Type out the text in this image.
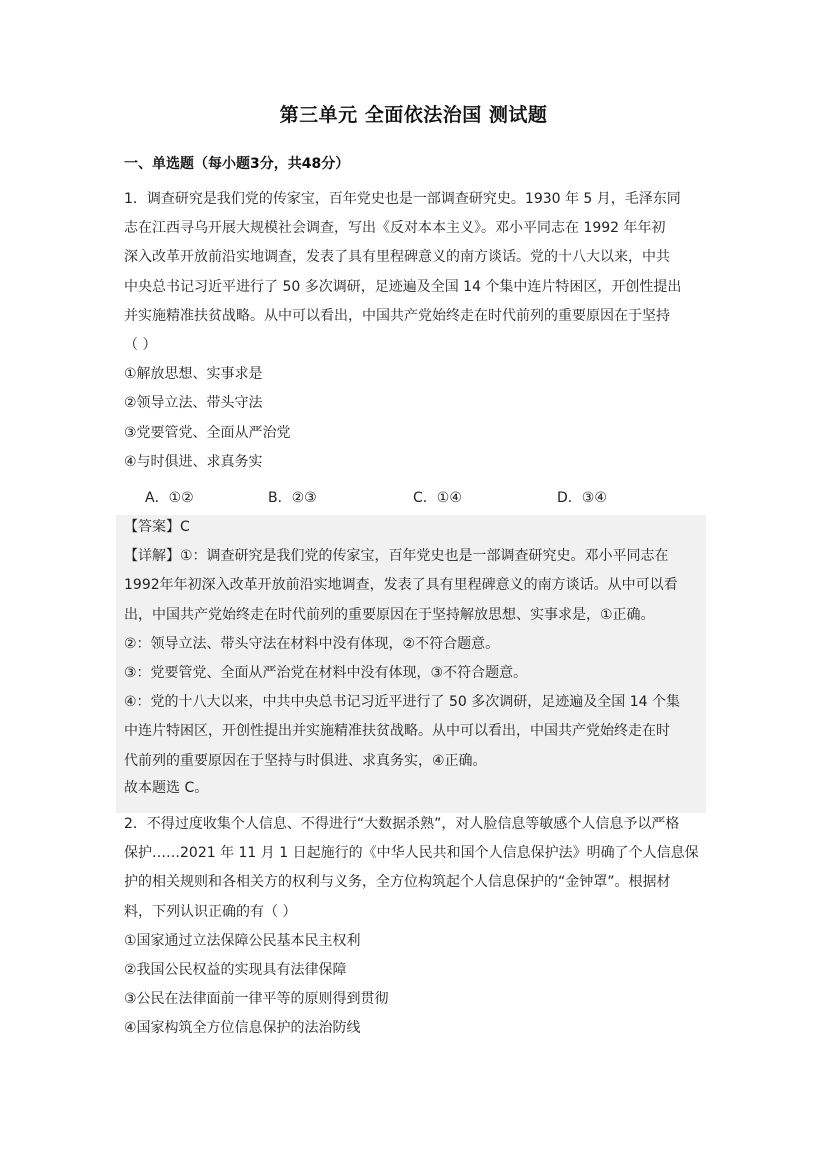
第三单元 全面依法治国 测试题
一、单选题（每小题3分，共48分）
1．调查研究是我们党的传家宝，百年党史也是一部调查研究史。1930 年 5 月，毛泽东同
志在江西寻乌开展大规模社会调查，写出《反对本本主义》。邓小平同志在 1992 年年初
深入改革开放前沿实地调查，发表了具有里程碑意义的南方谈话。党的十八大以来，中共
中央总书记习近平进行了 50 多次调研，足迹遍及全国 14 个集中连片特困区，开创性提出
并实施精准扶贫战略。从中可以看出，中国共产党始终走在时代前列的重要原因在于坚持
（ ）
①解放思想、实事求是
②领导立法、带头守法
③党要管党、全面从严治党
④与时俱进、求真务实
A．①②	B．②③	C．①④	D．③④
【答案】C
【详解】①：调查研究是我们党的传家宝，百年党史也是一部调查研究史。邓小平同志在
1992年年初深入改革开放前沿实地调查，发表了具有里程碑意义的南方谈话。从中可以看
出，中国共产党始终走在时代前列的重要原因在于坚持解放思想、实事求是，①正确。
②：领导立法、带头守法在材料中没有体现，②不符合题意。
③：党要管党、全面从严治党在材料中没有体现，③不符合题意。
④：党的十八大以来，中共中央总书记习近平进行了 50 多次调研，足迹遍及全国 14 个集
中连片特困区，开创性提出并实施精准扶贫战略。从中可以看出，中国共产党始终走在时
代前列的重要原因在于坚持与时俱进、求真务实，④正确。
故本题选 C。
2．不得过度收集个人信息、不得进行“大数据杀熟”，对人脸信息等敏感个人信息予以严格
保护……2021 年 11 月 1 日起施行的《中华人民共和国个人信息保护法》明确了个人信息保
护的相关规则和各相关方的权利与义务，全方位构筑起个人信息保护的“金钟罩”。根据材
料，下列认识正确的有（ ）
①国家通过立法保障公民基本民主权利
②我国公民权益的实现具有法律保障
③公民在法律面前一律平等的原则得到贯彻
④国家构筑全方位信息保护的法治防线
